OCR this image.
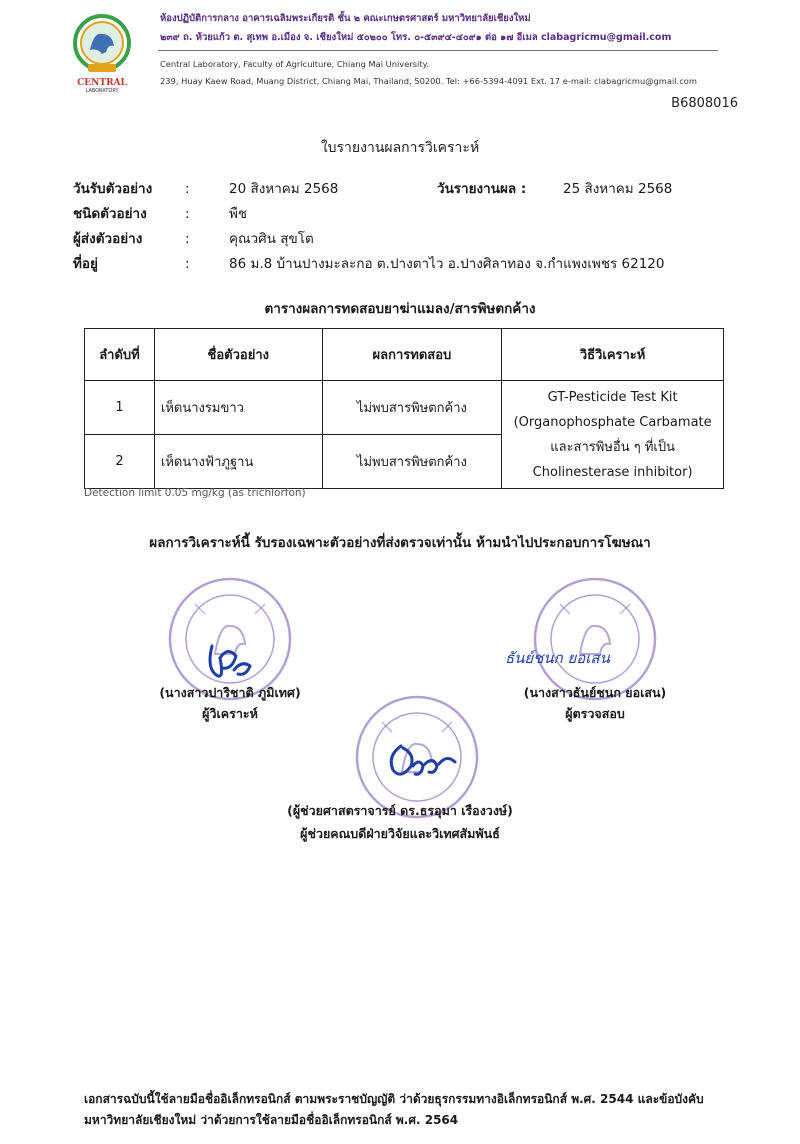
CENTRAL
LABORATORY
ห้องปฏิบัติการกลาง อาคารเฉลิมพระเกียรติ ชั้น ๒ คณะเกษตรศาสตร์ มหาวิทยาลัยเชียงใหม่
๒๓๙ ถ. ห้วยแก้ว ต. สุเทพ อ.เมือง จ. เชียงใหม่ ๕๐๒๐๐ โทร. ๐-๕๓๙๔-๔๐๙๑ ต่อ ๑๗ อีเมล clabagricmu@gmail.com
Central Laboratory, Faculty of Agriculture, Chiang Mai University.
239, Huay Kaew Road, Muang District, Chiang Mai, Thailand, 50200. Tel: +66-5394-4091 Ext. 17 e-mail: clabagricmu@gmail.com
B6808016
ใบรายงานผลการวิเคราะห์
วันรับตัวอย่าง :	20 สิงหาคม 2568	วันรายงานผล :	25 สิงหาคม 2568
ชนิดตัวอย่าง	:	พืช
ผู้ส่งตัวอย่าง	:	คุณวศิน สุขโต
ที่อยู่	:	86 ม.8 บ้านปางมะละกอ ต.ปางตาไว อ.ปางศิลาทอง จ.กำแพงเพชร 62120
ตารางผลการทดสอบยาฆ่าแมลง/สารพิษตกค้าง
ลำดับที่	ชื่อตัวอย่าง	ผลการทดสอบ	วิธีวิเคราะห์
1	เห็ดนางรมขาว	ไม่พบสารพิษตกค้าง	GT-Pesticide Test Kit
(Organophosphate Carbamate
และสารพิษอื่น ๆ ที่เป็น
Cholinesterase inhibitor)

2	เห็ดนางฟ้าภูฐาน	ไม่พบสารพิษตกค้าง	
Detection limit 0.05 mg/kg (as trichlorfon)
ผลการวิเคราะห์นี้ รับรองเฉพาะตัวอย่างที่ส่งตรวจเท่านั้น ห้ามนำไปประกอบการโฆษณา
(นางสาวปาริชาติ ภูมิเทศ)
ผู้วิเคราะห์
ธันย์ชนก ยอเสน
(นางสาวธันย์ชนก ยอเสน)
ผู้ตรวจสอบ
(ผู้ช่วยศาสตราจารย์ ดร.ธรอุมา เรืองวงษ์)
ผู้ช่วยคณบดีฝ่ายวิจัยและวิเทศสัมพันธ์
เอกสารฉบับนี้ใช้ลายมือชื่ออิเล็กทรอนิกส์ ตามพระราชบัญญัติ ว่าด้วยธุรกรรมทางอิเล็กทรอนิกส์ พ.ศ. 2544 และข้อบังคับ
มหาวิทยาลัยเชียงใหม่ ว่าด้วยการใช้ลายมือชื่ออิเล็กทรอนิกส์ พ.ศ. 2564
